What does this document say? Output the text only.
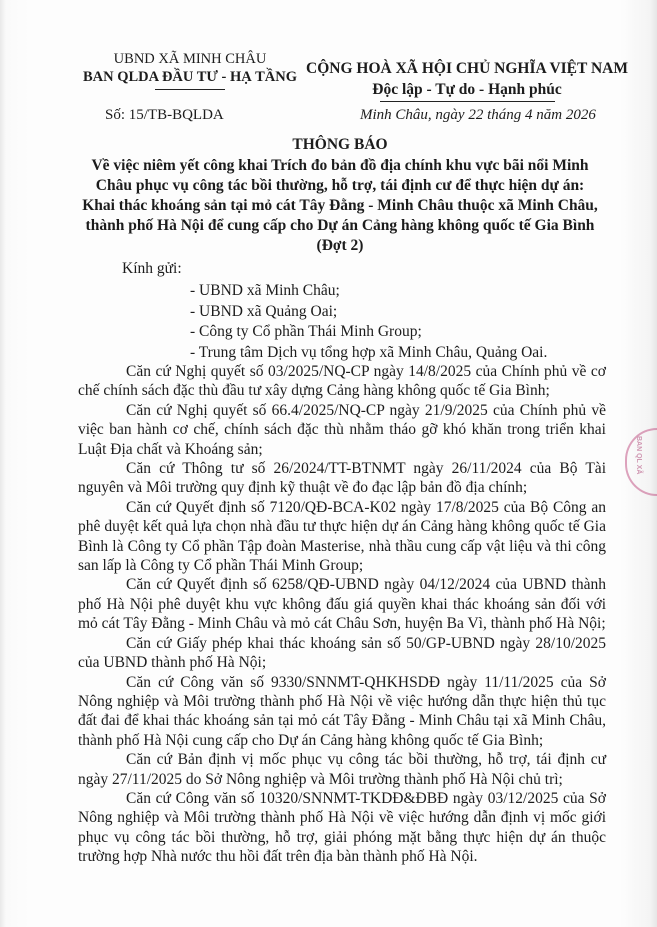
UBND XÃ MINH CHÂU
BAN QLDA ĐẦU TƯ - HẠ TẦNG CỘNG HOÀ XÃ HỘI CHỦ NGHĨA VIỆT NAM
Độc lập - Tự do - Hạnh phúc
Số: 15/TB-BQLDA	Minh Châu, ngày 22 tháng 4 năm 2026
THÔNG BÁO
Về việc niêm yết công khai Trích đo bản đồ địa chính khu vực bãi nổi Minh Châu phục vụ công tác bồi thường, hỗ trợ, tái định cư để thực hiện dự án: Khai thác khoáng sản tại mỏ cát Tây Đằng - Minh Châu thuộc xã Minh Châu, thành phố Hà Nội để cung cấp cho Dự án Cảng hàng không quốc tế Gia Bình (Đợt 2)
Kính gửi:
- UBND xã Minh Châu;
- UBND xã Quảng Oai;
- Công ty Cổ phần Thái Minh Group;
- Trung tâm Dịch vụ tổng hợp xã Minh Châu, Quảng Oai.

Căn cứ Nghị quyết số 03/2025/NQ-CP ngày 14/8/2025 của Chính phủ về cơ chế chính sách đặc thù đầu tư xây dựng Cảng hàng không quốc tế Gia Bình;

Căn cứ Nghị quyết số 66.4/2025/NQ-CP ngày 21/9/2025 của Chính phủ về việc ban hành cơ chế, chính sách đặc thù nhằm tháo gỡ khó khăn trong triển khai Luật Địa chất và Khoáng sản;

Căn cứ Thông tư số 26/2024/TT-BTNMT ngày 26/11/2024 của Bộ Tài nguyên và Môi trường quy định kỹ thuật về đo đạc lập bản đồ địa chính;

Căn cứ Quyết định số 7120/QĐ-BCA-K02 ngày 17/8/2025 của Bộ Công an phê duyệt kết quả lựa chọn nhà đầu tư thực hiện dự án Cảng hàng không quốc tế Gia Bình là Công ty Cổ phần Tập đoàn Masterise, nhà thầu cung cấp vật liệu và thi công san lấp là Công ty Cổ phần Thái Minh Group;

Căn cứ Quyết định số 6258/QĐ-UBND ngày 04/12/2024 của UBND thành phố Hà Nội phê duyệt khu vực không đấu giá quyền khai thác khoáng sản đối với mỏ cát Tây Đằng - Minh Châu và mỏ cát Châu Sơn, huyện Ba Vì, thành phố Hà Nội;

Căn cứ Giấy phép khai thác khoáng sản số 50/GP-UBND ngày 28/10/2025 của UBND thành phố Hà Nội;

Căn cứ Công văn số 9330/SNNMT-QHKHSDĐ ngày 11/11/2025 của Sở Nông nghiệp và Môi trường thành phố Hà Nội về việc hướng dẫn thực hiện thủ tục đất đai để khai thác khoáng sản tại mỏ cát Tây Đằng - Minh Châu tại xã Minh Châu, thành phố Hà Nội cung cấp cho Dự án Cảng hàng không quốc tế Gia Bình;

Căn cứ Bản định vị mốc phục vụ công tác bồi thường, hỗ trợ, tái định cư ngày 27/11/2025 do Sở Nông nghiệp và Môi trường thành phố Hà Nội chủ trì;

Căn cứ Công văn số 10320/SNNMT-TKDĐ&ĐBĐ ngày 03/12/2025 của Sở Nông nghiệp và Môi trường thành phố Hà Nội về việc hướng dẫn định vị mốc giới phục vụ công tác bồi thường, hỗ trợ, giải phóng mặt bằng thực hiện dự án thuộc trường hợp Nhà nước thu hồi đất trên địa bàn thành phố Hà Nội.

BAN QL XÃ
